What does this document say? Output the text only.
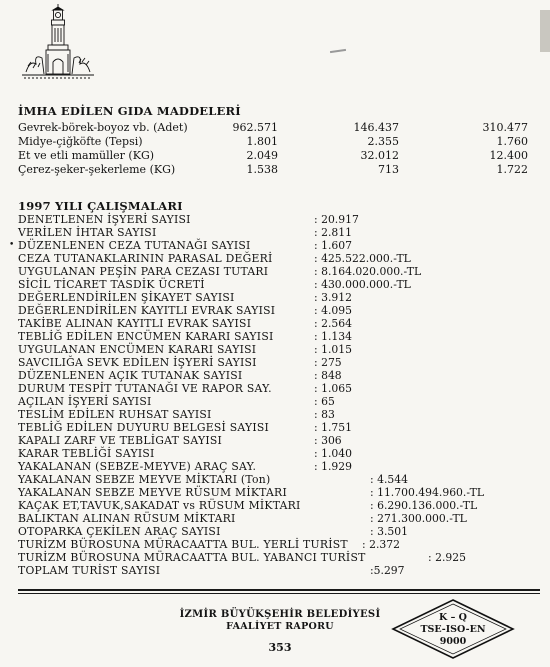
İMHA EDİLEN GIDA MADDELERİ
Gevrek-börek-boyoz vb. (Adet)	962.571	146.437	310.477
Midye-çiğköfte (Tepsi)	1.801	2.355	1.760
Et ve etli mamüller (KG)	2.049	32.012	12.400
Çerez-şeker-şekerleme (KG)	1.538	713	1.722
1997 YILI ÇALIŞMALARI
•
DENETLENEN İŞYERİ SAYISI	: 20.917
VERİLEN İHTAR SAYISI	: 2.811
DÜZENLENEN CEZA TUTANAĞI SAYISI	: 1.607
CEZA TUTANAKLARININ PARASAL DEĞERİ	: 425.522.000.-TL
UYGULANAN PEŞİN PARA CEZASI TUTARI	: 8.164.020.000.-TL
SİCİL TİCARET TASDİK ÜCRETİ	: 430.000.000.-TL
DEĞERLENDİRİLEN ŞİKAYET SAYISI	: 3.912
DEĞERLENDİRİLEN KAYITLI EVRAK SAYISI	: 4.095
TAKİBE ALINAN KAYITLI EVRAK SAYISI	: 2.564
TEBLİĞ EDİLEN ENCÜMEN KARARI SAYISI	: 1.134
UYGULANAN ENCÜMEN KARARI SAYISI	: 1.015
SAVCILIĞA SEVK EDİLEN İŞYERİ SAYISI	: 275
DÜZENLENEN AÇIK TUTANAK SAYISI	: 848
DURUM TESPİT TUTANAĞI VE RAPOR SAY.	: 1.065
AÇILAN İŞYERİ SAYISI	: 65
TESLİM EDİLEN RUHSAT SAYISI	: 83
TEBLİĞ EDİLEN DUYURU BELGESİ SAYISI	: 1.751
KAPALI ZARF VE TEBLİGAT SAYISI	: 306
KARAR TEBLİĞİ SAYISI	: 1.040
YAKALANAN (SEBZE-MEYVE) ARAÇ SAY.	: 1.929
YAKALANAN SEBZE MEYVE MİKTARI (Ton)	: 4.544
YAKALANAN SEBZE MEYVE RÜSUM MİKTARI	: 11.700.494.960.-TL
KAÇAK ET,TAVUK,SAKADAT vs RÜSUM MİKTARI	: 6.290.136.000.-TL
BALIKTAN ALINAN RÜSUM MİKTARI	: 271.300.000.-TL
OTOPARKA ÇEKİLEN ARAÇ SAYISI	: 3.501
TURİZM BÜROSUNA MÜRACAATTA BUL. YERLİ TURİST : 2.372
TURİZM BÜROSUNA MÜRACAATTA BUL. YABANCI TURİST	: 2.925
TOPLAM TURİST SAYISI	:5.297
İZMİR BÜYÜKŞEHİR BELEDİYESİ
FAALİYET RAPORU
353
K – Q
TSE-ISO-EN
9000
